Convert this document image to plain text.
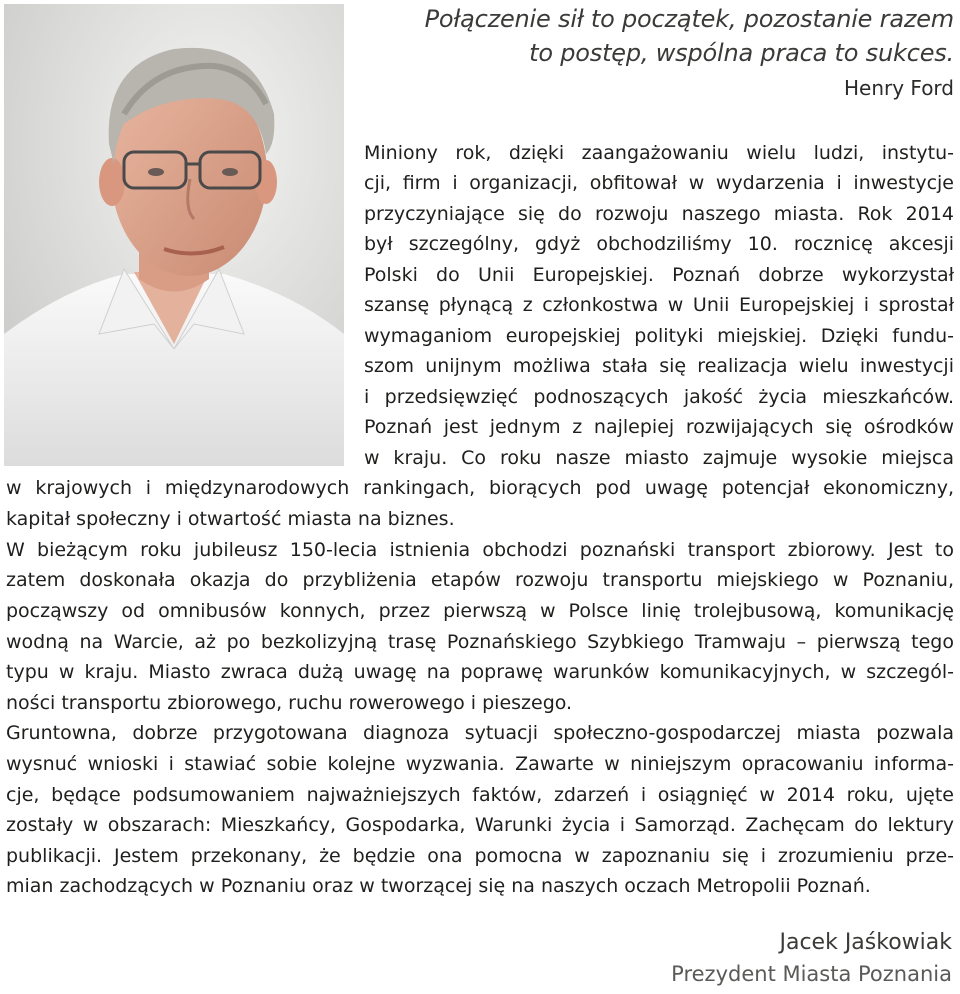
Połączenie sił to początek, pozostanie razem

to postęp, wspólna praca to sukces.

Henry Ford

Miniony rok, dzięki zaangażowaniu wielu ludzi, instytu-
cji, firm i organizacji, obfitował w wydarzenia i inwestycje
przyczyniające się do rozwoju naszego miasta. Rok 2014
był szczególny, gdyż obchodziliśmy 10. rocznicę akcesji
Polski do Unii Europejskiej. Poznań dobrze wykorzystał
szansę płynącą z członkostwa w Unii Europejskiej i sprostał
wymaganiom europejskiej polityki miejskiej. Dzięki fundu-
szom unijnym możliwa stała się realizacja wielu inwestycji
i przedsięwzięć podnoszących jakość życia mieszkańców.
Poznań jest jednym z najlepiej rozwijających się ośrodków
w kraju. Co roku nasze miasto zajmuje wysokie miejsca
w krajowych i międzynarodowych rankingach, biorących pod uwagę potencjał ekonomiczny,
kapitał społeczny i otwartość miasta na biznes.
W bieżącym roku jubileusz 150-lecia istnienia obchodzi poznański transport zbiorowy. Jest to
zatem doskonała okazja do przybliżenia etapów rozwoju transportu miejskiego w Poznaniu,
począwszy od omnibusów konnych, przez pierwszą w Polsce linię trolejbusową, komunikację
wodną na Warcie, aż po bezkolizyjną trasę Poznańskiego Szybkiego Tramwaju – pierwszą tego
typu w kraju. Miasto zwraca dużą uwagę na poprawę warunków komunikacyjnych, w szczegól-
ności transportu zbiorowego, ruchu rowerowego i pieszego.
Gruntowna, dobrze przygotowana diagnoza sytuacji społeczno-gospodarczej miasta pozwala
wysnuć wnioski i stawiać sobie kolejne wyzwania. Zawarte w niniejszym opracowaniu informa-
cje, będące podsumowaniem najważniejszych faktów, zdarzeń i osiągnięć w 2014 roku, ujęte
zostały w obszarach: Mieszkańcy, Gospodarka, Warunki życia i Samorząd. Zachęcam do lektury
publikacji. Jestem przekonany, że będzie ona pomocna w zapoznaniu się i zrozumieniu prze-
mian zachodzących w Poznaniu oraz w tworzącej się na naszych oczach Metropolii Poznań.
Jacek Jaśkowiak
Prezydent Miasta Poznania
